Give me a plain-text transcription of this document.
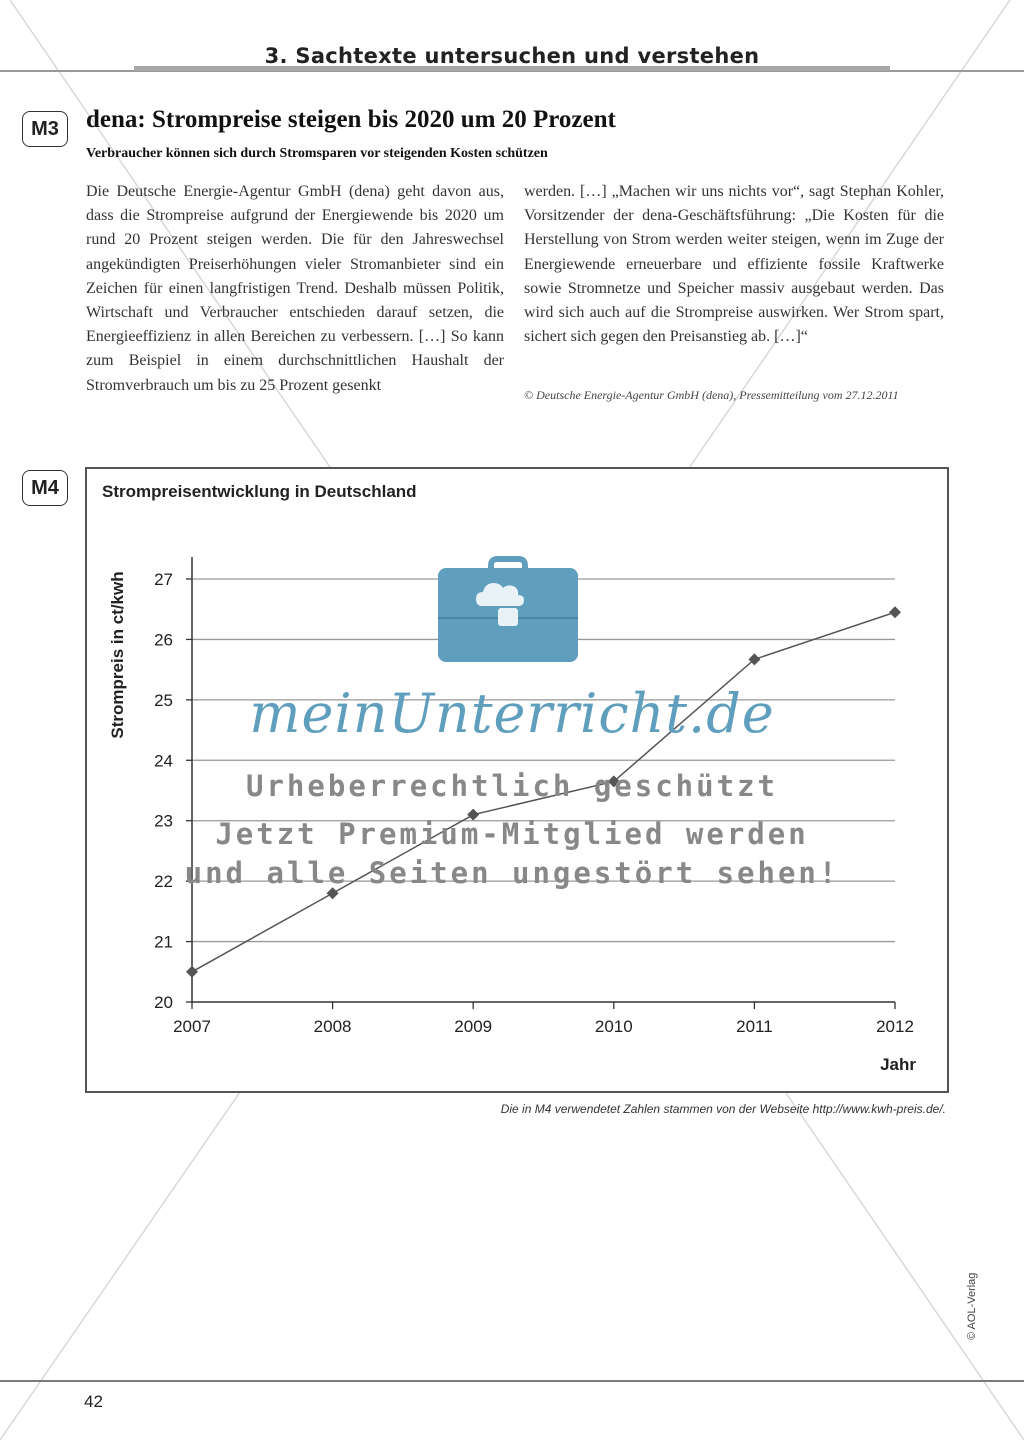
3. Sachtexte untersuchen und verstehen
M3	dena: Strompreise steigen bis 2020 um 20 Prozent
Verbraucher können sich durch Stromsparen vor steigenden Kosten schützen

Die Deutsche Energie-Agentur GmbH (dena) geht davon aus, dass die Strompreise aufgrund der Energiewende bis 2020 um rund 20 Prozent steigen werden. Die für den Jahreswechsel angekündigten Preiserhöhungen vieler Stromanbieter sind ein Zeichen für einen langfristigen Trend. Deshalb müssen Politik, Wirtschaft und Verbraucher entschieden darauf setzen, die Energieeffizienz in allen Bereichen zu verbessern. […] So kann zum Beispiel in einem durchschnittlichen Haushalt der Stromverbrauch um bis zu 25 Prozent gesenkt

werden. […] „Machen wir uns nichts vor“, sagt Stephan Kohler, Vorsitzender der dena-Geschäftsführung: „Die Kosten für die Herstellung von Strom werden weiter steigen, wenn im Zuge der Energiewende erneuerbare und effiziente fossile Kraftwerke sowie Stromnetze und Speicher massiv ausgebaut werden. Das wird sich auch auf die Strompreise auswirken. Wer Strom spart, sichert sich gegen den Preisanstieg ab. […]“

© Deutsche Energie-Agentur GmbH (dena), Pressemitteilung vom 27.12.2011
M4	Strompreisentwicklung in Deutschland
20
21
22
23
24
25
26
27
2007	2008	2009	2010	2011	2012
Strompreis in ct/kwh
Jahr
Die in M4 verwendetet Zahlen stammen von der Webseite http://www.kwh-preis.de/.
meinUnterricht.de
Urheberrechtlich geschützt
Jetzt Premium-Mitglied werden
und alle Seiten ungestört sehen!
© AOL-Verlag
42
